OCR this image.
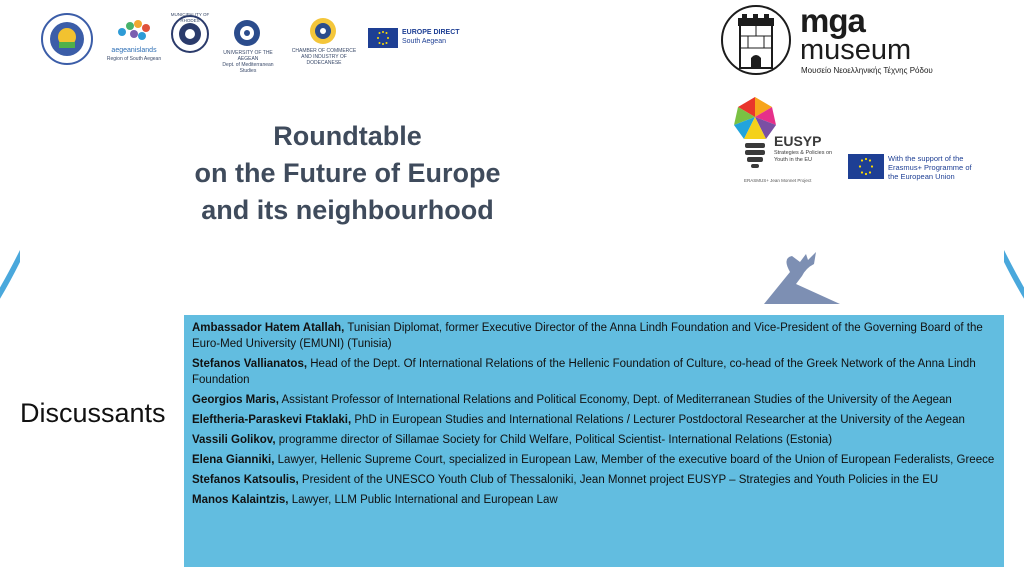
aegeanislands
Region of South Aegean
MUNICIPALITY OF RHODES
UNIVERSITY OF THE AEGEAN
Dept. of Mediterranean Studies
CHAMBER OF COMMERCE
AND INDUSTRY OF DODECANESE
EUROPE DIRECT
South Aegean
Roundtable
on the Future of Europe
and its neighbourhood
mga
museum
Μουσείο Νεοελληνικής Τέχνης Ρόδου
EUSYP
Strategies & Policies on Youth in the EU
ERASMUS+ Jean Monnet Project
With the support of the Erasmus+ Programme of the European Union
Discussants
Ambassador Hatem Atallah, Tunisian Diplomat, former Executive Director of the Anna Lindh Foundation and Vice-President of the Governing Board of the Euro-Med University (EMUNI) (Tunisia)
Stefanos Vallianatos, Head of the Dept. Of International Relations of the Hellenic Foundation of Culture, co-head of the Greek Network of the Anna Lindh Foundation
Georgios Maris, Assistant Professor of International Relations and Political Economy, Dept. of Mediterranean Studies of the University of the Aegean
Eleftheria-Paraskevi Ftaklaki, PhD in European Studies and International Relations / Lecturer Postdoctoral Researcher at the University of the Aegean
Vassili Golikov, programme director of Sillamae Society for Child Welfare, Political Scientist- International Relations (Estonia)
Elena Gianniki, Lawyer, Hellenic Supreme Court, specialized in European Law, Member of the executive board of the Union of European Federalists, Greece
Stefanos Katsoulis, President of the UNESCO Youth Club of Thessaloniki, Jean Monnet project EUSYP – Strategies and Youth Policies in the EU
Manos Kalaintzis, Lawyer, LLM Public International and European Law
